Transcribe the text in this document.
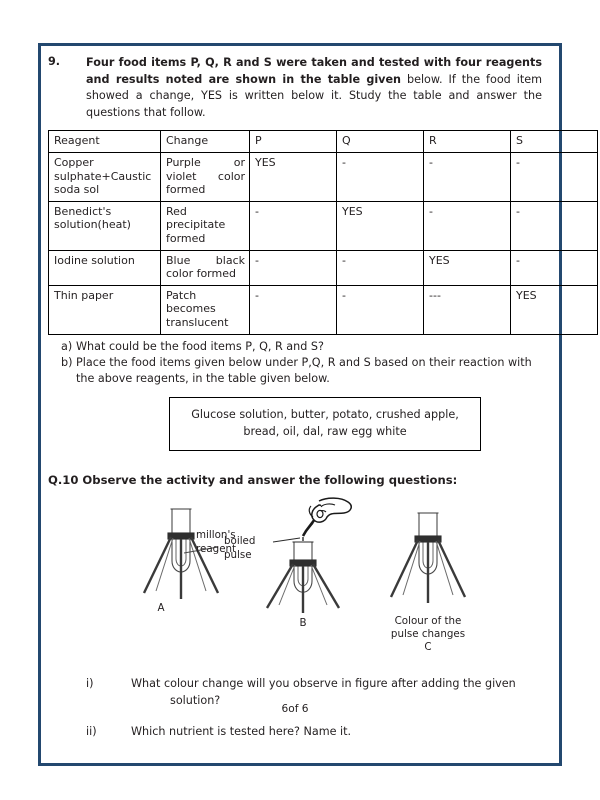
9. Four food items P, Q, R and S were taken and tested with four reagents and results noted are shown in the table given below. If the food item showed a change, YES is written below it. Study the table and answer the questions that follow.
Reagent	Change	P	Q	R	S
Copper sulphate+Caustic soda sol	Purple or violet color formed	YES	-	-	-
Benedict's solution(heat)	Red precipitate formed	-	YES	-	-
Iodine solution	Blue black color formed	-	-	YES	-
Thin paper	Patch becomes translucent	-	-	---	YES
a) What could be the food items P, Q, R and S?
b) Place the food items given below under P,Q, R and S based on their reaction with the above reagents, in the table given below.
Glucose solution, butter, potato, crushed apple,
bread, oil, dal, raw egg white
Q.10 Observe the activity and answer the following questions:
boiled
pulse
A
millon's
reagent
B	Colour of the
pulse changes
C
i)	What colour change will you observe in figure after adding the given
solution?
ii)	Which nutrient is tested here? Name it.
6of 6
